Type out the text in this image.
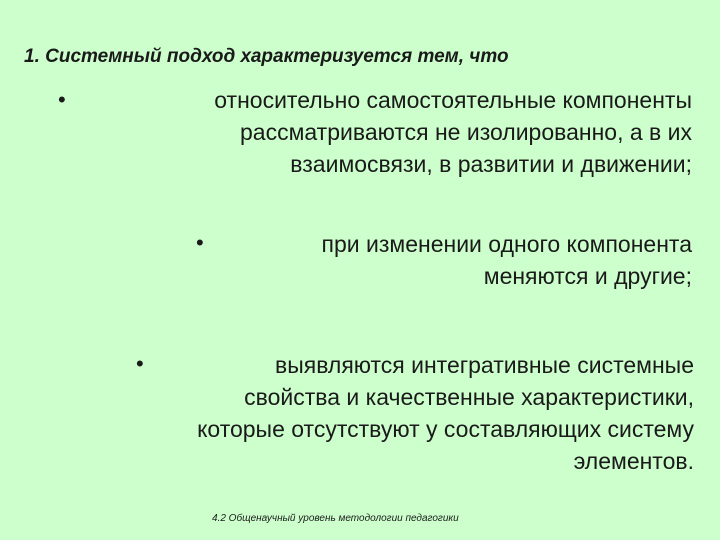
1. Системный подход характеризуется тем, что
•	относительно самостоятельные компоненты
рассматриваются не изолированно, а в их
взаимосвязи, в развитии и движении;
•	при изменении одного компонента
меняются и другие;
•	выявляются интегративные системные
свойства и качественные характеристики,
которые отсутствуют у составляющих систему
элементов.
4.2 Общенаучный уровень методологии педагогики
